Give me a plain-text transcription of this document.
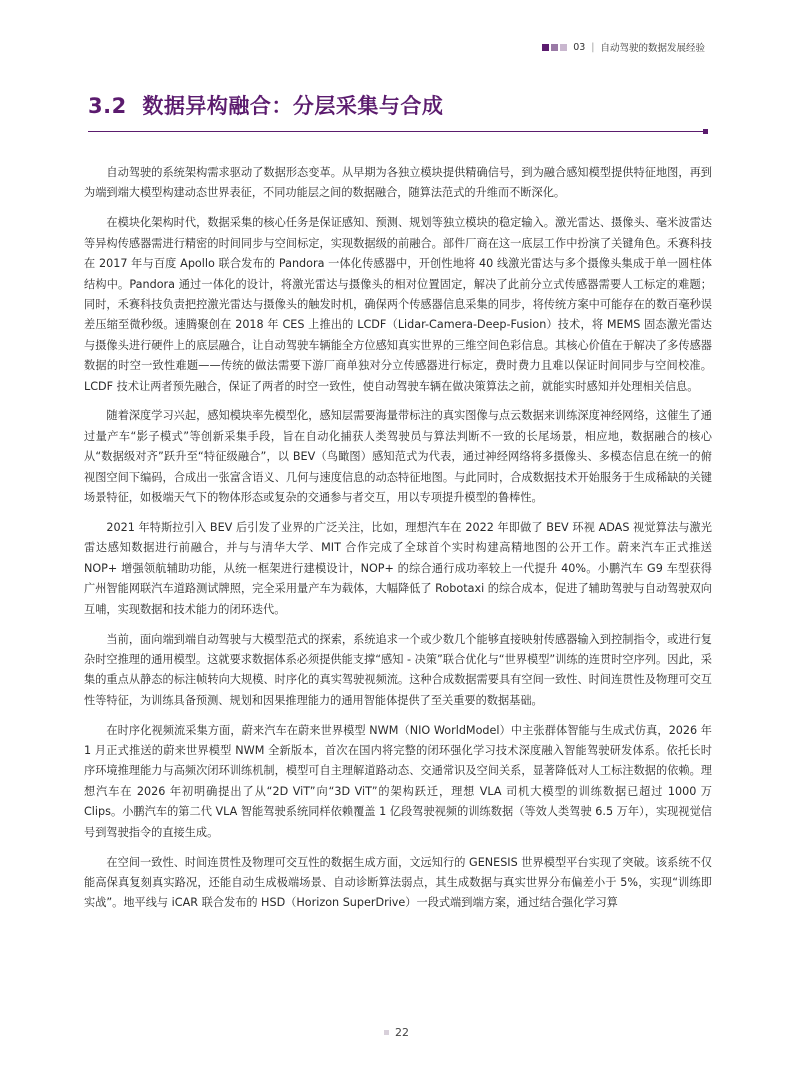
03 | 自动驾驶的数据发展经验
3.2 数据异构融合：分层采集与合成

自动驾驶的系统架构需求驱动了数据形态变革。从早期为各独立模块提供精确信号，到为融合感知模型提供特征地图，再到为端到端大模型构建动态世界表征，不同功能层之间的数据融合，随算法范式的升维而不断深化。

在模块化架构时代，数据采集的核心任务是保证感知、预测、规划等独立模块的稳定输入。激光雷达、摄像头、毫米波雷达等异构传感器需进行精密的时间同步与空间标定，实现数据级的前融合。部件厂商在这一底层工作中扮演了关键角色。禾赛科技在 2017 年与百度 Apollo 联合发布的 Pandora 一体化传感器中，开创性地将 40 线激光雷达与多个摄像头集成于单一圆柱体结构中。Pandora 通过一体化的设计，将激光雷达与摄像头的相对位置固定，解决了此前分立式传感器需要人工标定的难题；同时，禾赛科技负责把控激光雷达与摄像头的触发时机，确保两个传感器信息采集的同步，将传统方案中可能存在的数百毫秒误差压缩至微秒级。速腾聚创在 2018 年 CES 上推出的 LCDF（Lidar-Camera-Deep-Fusion）技术，将 MEMS 固态激光雷达与摄像头进行硬件上的底层融合，让自动驾驶车辆能全方位感知真实世界的三维空间色彩信息。其核心价值在于解决了多传感器数据的时空一致性难题——传统的做法需要下游厂商单独对分立传感器进行标定，费时费力且难以保证时间同步与空间校准。LCDF 技术让两者预先融合，保证了两者的时空一致性，使自动驾驶车辆在做决策算法之前，就能实时感知并处理相关信息。

随着深度学习兴起，感知模块率先模型化，感知层需要海量带标注的真实图像与点云数据来训练深度神经网络，这催生了通过量产车“影子模式”等创新采集手段，旨在自动化捕获人类驾驶员与算法判断不一致的长尾场景，相应地，数据融合的核心从“数据级对齐”跃升至“特征级融合”，以 BEV（鸟瞰图）感知范式为代表，通过神经网络将多摄像头、多模态信息在统一的俯视图空间下编码，合成出一张富含语义、几何与速度信息的动态特征地图。与此同时，合成数据技术开始服务于生成稀缺的关键场景特征，如极端天气下的物体形态或复杂的交通参与者交互，用以专项提升模型的鲁棒性。

2021 年特斯拉引入 BEV 后引发了业界的广泛关注，比如，理想汽车在 2022 年即做了 BEV 环视 ADAS 视觉算法与激光雷达感知数据进行前融合，并与与清华大学、MIT 合作完成了全球首个实时构建高精地图的公开工作。蔚来汽车正式推送 NOP+ 增强领航辅助功能，从统一框架进行建模设计，NOP+ 的综合通行成功率较上一代提升 40%。小鹏汽车 G9 车型获得广州智能网联汽车道路测试牌照，完全采用量产车为载体，大幅降低了 Robotaxi 的综合成本，促进了辅助驾驶与自动驾驶双向互哺，实现数据和技术能力的闭环迭代。

当前，面向端到端自动驾驶与大模型范式的探索，系统追求一个或少数几个能够直接映射传感器输入到控制指令，或进行复杂时空推理的通用模型。这就要求数据体系必须提供能支撑“感知 - 决策”联合优化与“世界模型”训练的连贯时空序列。因此，采集的重点从静态的标注帧转向大规模、时序化的真实驾驶视频流。这种合成数据需要具有空间一致性、时间连贯性及物理可交互性等特征，为训练具备预测、规划和因果推理能力的通用智能体提供了至关重要的数据基础。

在时序化视频流采集方面，蔚来汽车在蔚来世界模型 NWM（NIO WorldModel）中主张群体智能与生成式仿真，2026 年 1 月正式推送的蔚来世界模型 NWM 全新版本，首次在国内将完整的闭环强化学习技术深度融入智能驾驶研发体系。依托长时序环境推理能力与高频次闭环训练机制，模型可自主理解道路动态、交通常识及空间关系，显著降低对人工标注数据的依赖。理想汽车在 2026 年初明确提出了从“2D ViT”向“3D ViT”的架构跃迁，理想 VLA 司机大模型的训练数据已超过 1000 万 Clips。小鹏汽车的第二代 VLA 智能驾驶系统同样依赖覆盖 1 亿段驾驶视频的训练数据（等效人类驾驶 6.5 万年），实现视觉信号到驾驶指令的直接生成。

在空间一致性、时间连贯性及物理可交互性的数据生成方面，文远知行的 GENESIS 世界模型平台实现了突破。该系统不仅能高保真复刻真实路况，还能自动生成极端场景、自动诊断算法弱点，其生成数据与真实世界分布偏差小于 5%，实现“训练即实战”。地平线与 iCAR 联合发布的 HSD（Horizon SuperDrive）一段式端到端方案，通过结合强化学习算

22
